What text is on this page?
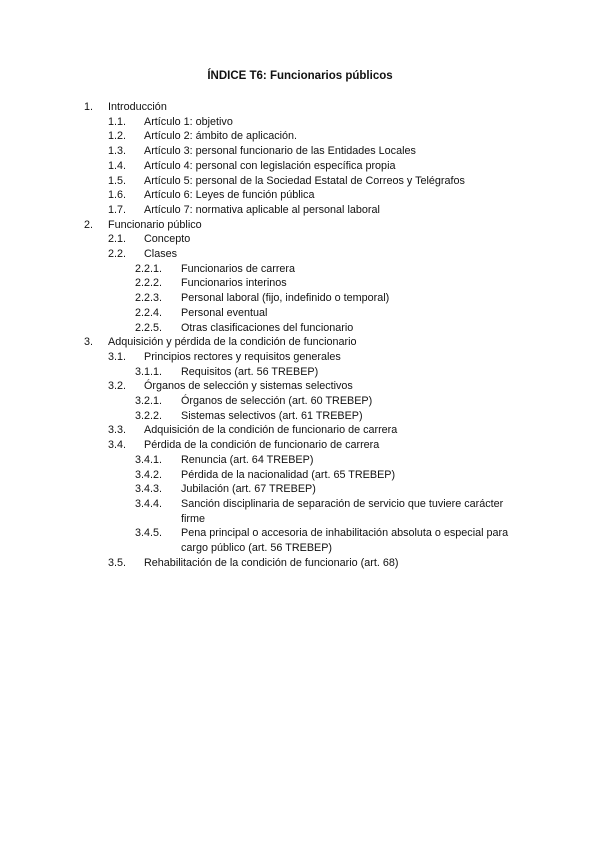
ÍNDICE T6: Funcionarios públicos
1. Introducción
1.1. Artículo 1: objetivo
1.2. Artículo 2: ámbito de aplicación.
1.3. Artículo 3: personal funcionario de las Entidades Locales
1.4. Artículo 4: personal con legislación específica propia
1.5. Artículo 5: personal de la Sociedad Estatal de Correos y Telégrafos
1.6. Artículo 6: Leyes de función pública
1.7. Artículo 7: normativa aplicable al personal laboral
2. Funcionario público
2.1. Concepto
2.2. Clases
2.2.1. Funcionarios de carrera
2.2.2. Funcionarios interinos
2.2.3. Personal laboral (fijo, indefinido o temporal)
2.2.4. Personal eventual
2.2.5. Otras clasificaciones del funcionario
3. Adquisición y pérdida de la condición de funcionario
3.1. Principios rectores y requisitos generales
3.1.1. Requisitos (art. 56 TREBEP)
3.2. Órganos de selección y sistemas selectivos
3.2.1. Órganos de selección (art. 60 TREBEP)
3.2.2. Sistemas selectivos (art. 61 TREBEP)
3.3. Adquisición de la condición de funcionario de carrera
3.4. Pérdida de la condición de funcionario de carrera
3.4.1. Renuncia (art. 64 TREBEP)
3.4.2. Pérdida de la nacionalidad (art. 65 TREBEP)
3.4.3. Jubilación (art. 67 TREBEP)
3.4.4. Sanción disciplinaria de separación de servicio que tuviere carácter firme
3.4.5. Pena principal o accesoria de inhabilitación absoluta o especial para cargo público (art. 56 TREBEP)
3.5. Rehabilitación de la condición de funcionario (art. 68)
